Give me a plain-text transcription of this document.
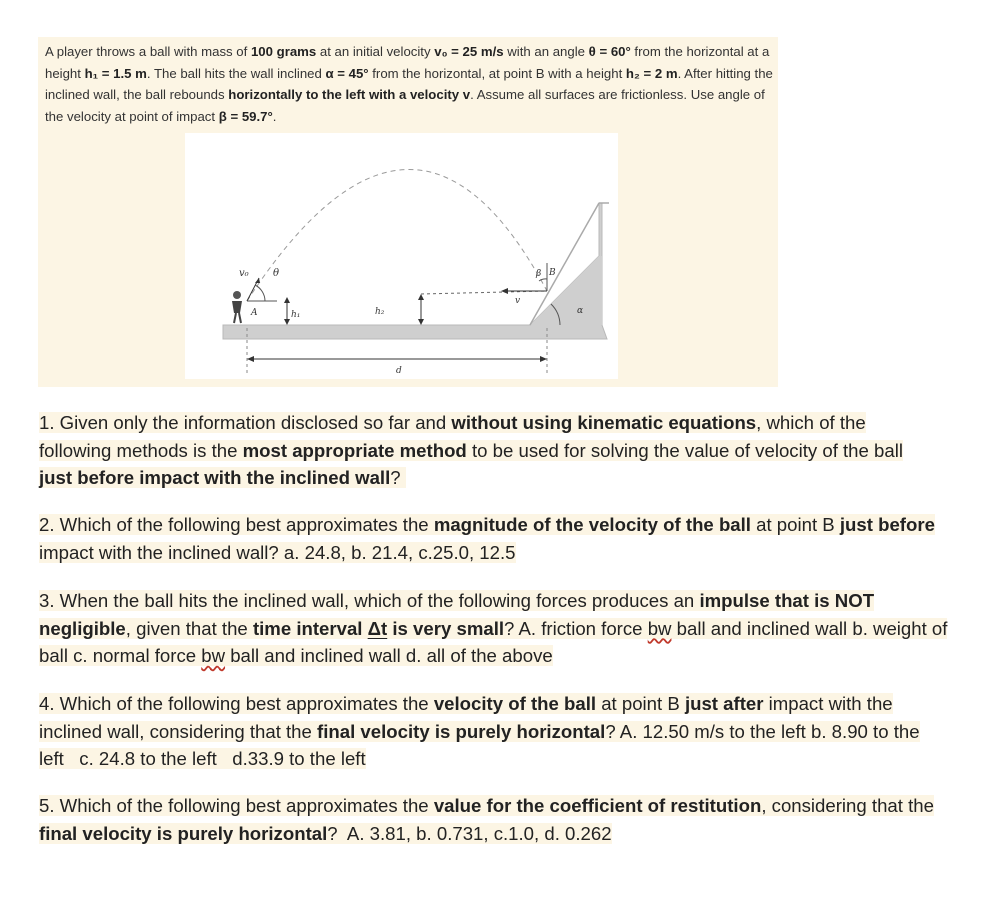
A player throws a ball with mass of 100 grams at an initial velocity v₀ = 25 m/s with an angle θ = 60° from the horizontal at a height h₁ = 1.5 m. The ball hits the wall inclined α = 45° from the horizontal, at point B with a height h₂ = 2 m. After hitting the inclined wall, the ball rebounds horizontally to the left with a velocity v. Assume all surfaces are frictionless. Use angle of the velocity at point of impact β = 59.7°.
v₀ θ
A	h₁	h₂
β B
v
α
d
1. Given only the information disclosed so far and without using kinematic equations, which of the following methods is the most appropriate method to be used for solving the value of velocity of the ball just before impact with the inclined wall?
2. Which of the following best approximates the magnitude of the velocity of the ball at point B just before impact with the inclined wall? a. 24.8, b. 21.4, c.25.0, 12.5
3. When the ball hits the inclined wall, which of the following forces produces an impulse that is NOT negligible, given that the time interval Δt is very small? A. friction force bw ball and inclined wall b. weight of ball c. normal force bw ball and inclined wall d. all of the above
4. Which of the following best approximates the velocity of the ball at point B just after impact with the inclined wall, considering that the final velocity is purely horizontal? A. 12.50 m/s to the left b. 8.90 to the left   c. 24.8 to the left   d.33.9 to the left
5. Which of the following best approximates the value for the coefficient of restitution, considering that the final velocity is purely horizontal?  A. 3.81, b. 0.731, c.1.0, d. 0.262
